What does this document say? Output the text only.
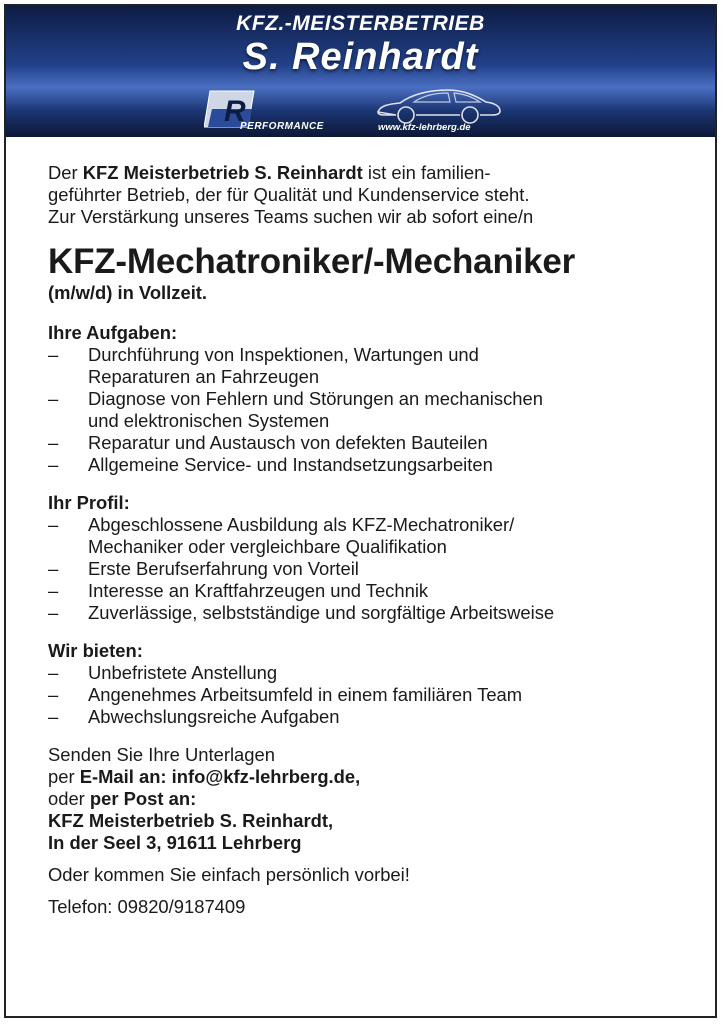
KFZ.-MEISTERBETRIEB
S. Reinhardt
R
PERFORMANCE	www.kfz-lehrberg.de

Der KFZ Meisterbetrieb S. Reinhardt ist ein familien-

geführter Betrieb, der für Qualität und Kundenservice steht.

Zur Verstärkung unseres Teams suchen wir ab sofort eine/n

KFZ-Mechatroniker/-Mechaniker
(m/w/d) in Vollzeit.
Ihre Aufgaben:
– Durchführung von Inspektionen, Wartungen und
Reparaturen an Fahrzeugen
– Diagnose von Fehlern und Störungen an mechanischen
und elektronischen Systemen
– Reparatur und Austausch von defekten Bauteilen
– Allgemeine Service- und Instandsetzungsarbeiten
Ihr Profil:
– Abgeschlossene Ausbildung als KFZ-Mechatroniker/
Mechaniker oder vergleichbare Qualifikation
– Erste Berufserfahrung von Vorteil
– Interesse an Kraftfahrzeugen und Technik
– Zuverlässige, selbstständige und sorgfältige Arbeitsweise
Wir bieten:
– Unbefristete Anstellung
– Angenehmes Arbeitsumfeld in einem familiären Team
– Abwechslungsreiche Aufgaben
Senden Sie Ihre Unterlagen
per E-Mail an: info@kfz-lehrberg.de,
oder per Post an:
KFZ Meisterbetrieb S. Reinhardt,
In der Seel 3, 91611 Lehrberg
Oder kommen Sie einfach persönlich vorbei!
Telefon: 09820/9187409
